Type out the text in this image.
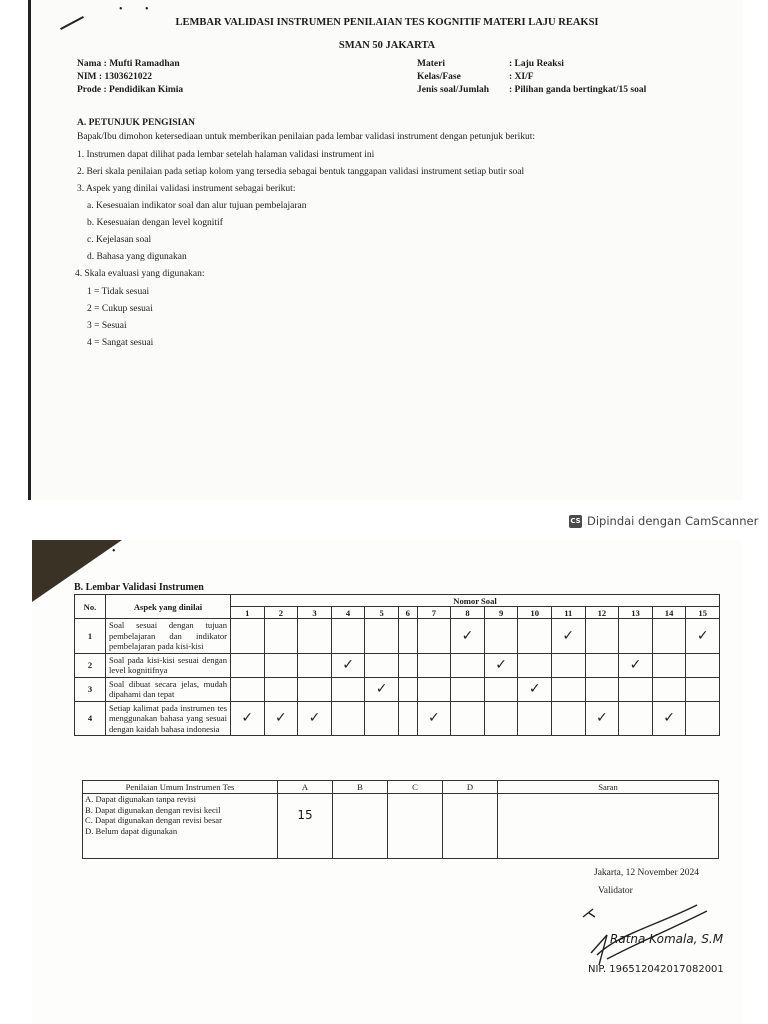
•         •
LEMBAR VALIDASI INSTRUMEN PENILAIAN TES KOGNITIF MATERI LAJU REAKSI
SMAN 50 JAKARTA
Nama : Mufti Ramadhan
NIM : 1303621022
Prode : Pendidikan Kimia
Materi
Kelas/Fase
Jenis soal/Jumlah
: Laju Reaksi
: XI/F
: Pilihan ganda bertingkat/15 soal
A. PETUNJUK PENGISIAN
Bapak/Ibu dimohon ketersediaan untuk memberikan penilaian pada lembar validasi instrument dengan petunjuk berikut:
1. Instrumen dapat dilihat pada lembar setelah halaman validasi instrument ini
2. Beri skala penilaian pada setiap kolom yang tersedia sebagai bentuk tanggapan validasi instrument setiap butir soal
3. Aspek yang dinilai validasi instrument sebagai berikut:
a. Kesesuaian indikator soal dan alur tujuan pembelajaran
b. Kesesuaian dengan level kognitif
c. Kejelasan soal
d. Bahasa yang digunakan
4. Skala evaluasi yang digunakan:
1 = Tidak sesuai
2 = Cukup sesuai
3 = Sesuai
4 = Sangat sesuai
CS Dipindai dengan CamScanner
•
B. Lembar Validasi Instrumen
No.	Aspek yang dinilai	Nomor Soal														
		1	2	3	4	5	6	7	8	9	10	11	12	13	14	15
1	Soal sesuai dengan tujuan pembelajaran dan indikator pembelajaran pada kisi-kisi								✓			✓				✓
2	Soal pada kisi-kisi sesuai dengan level kognitifnya				✓					✓				✓		
3	Soal dibuat secara jelas, mudah dipahami dan tepat					✓					✓					
4	Setiap kalimat pada instrumen tes menggunakan bahasa yang sesuai dengan kaidah bahasa indonesia	✓	✓	✓				✓					✓		✓	
Penilaian Umum Instrumen Tes	A	B	C	D	Saran

A. Dapat digunakan tanpa revisi
B. Dapat digunakan dengan revisi kecil
C. Dapat digunakan dengan revisi besar
D. Belum dapat digunakan	15				
Jakarta, 12 November 2024
Validator
Ratna Komala, S.M
NIP. 196512042017082001
